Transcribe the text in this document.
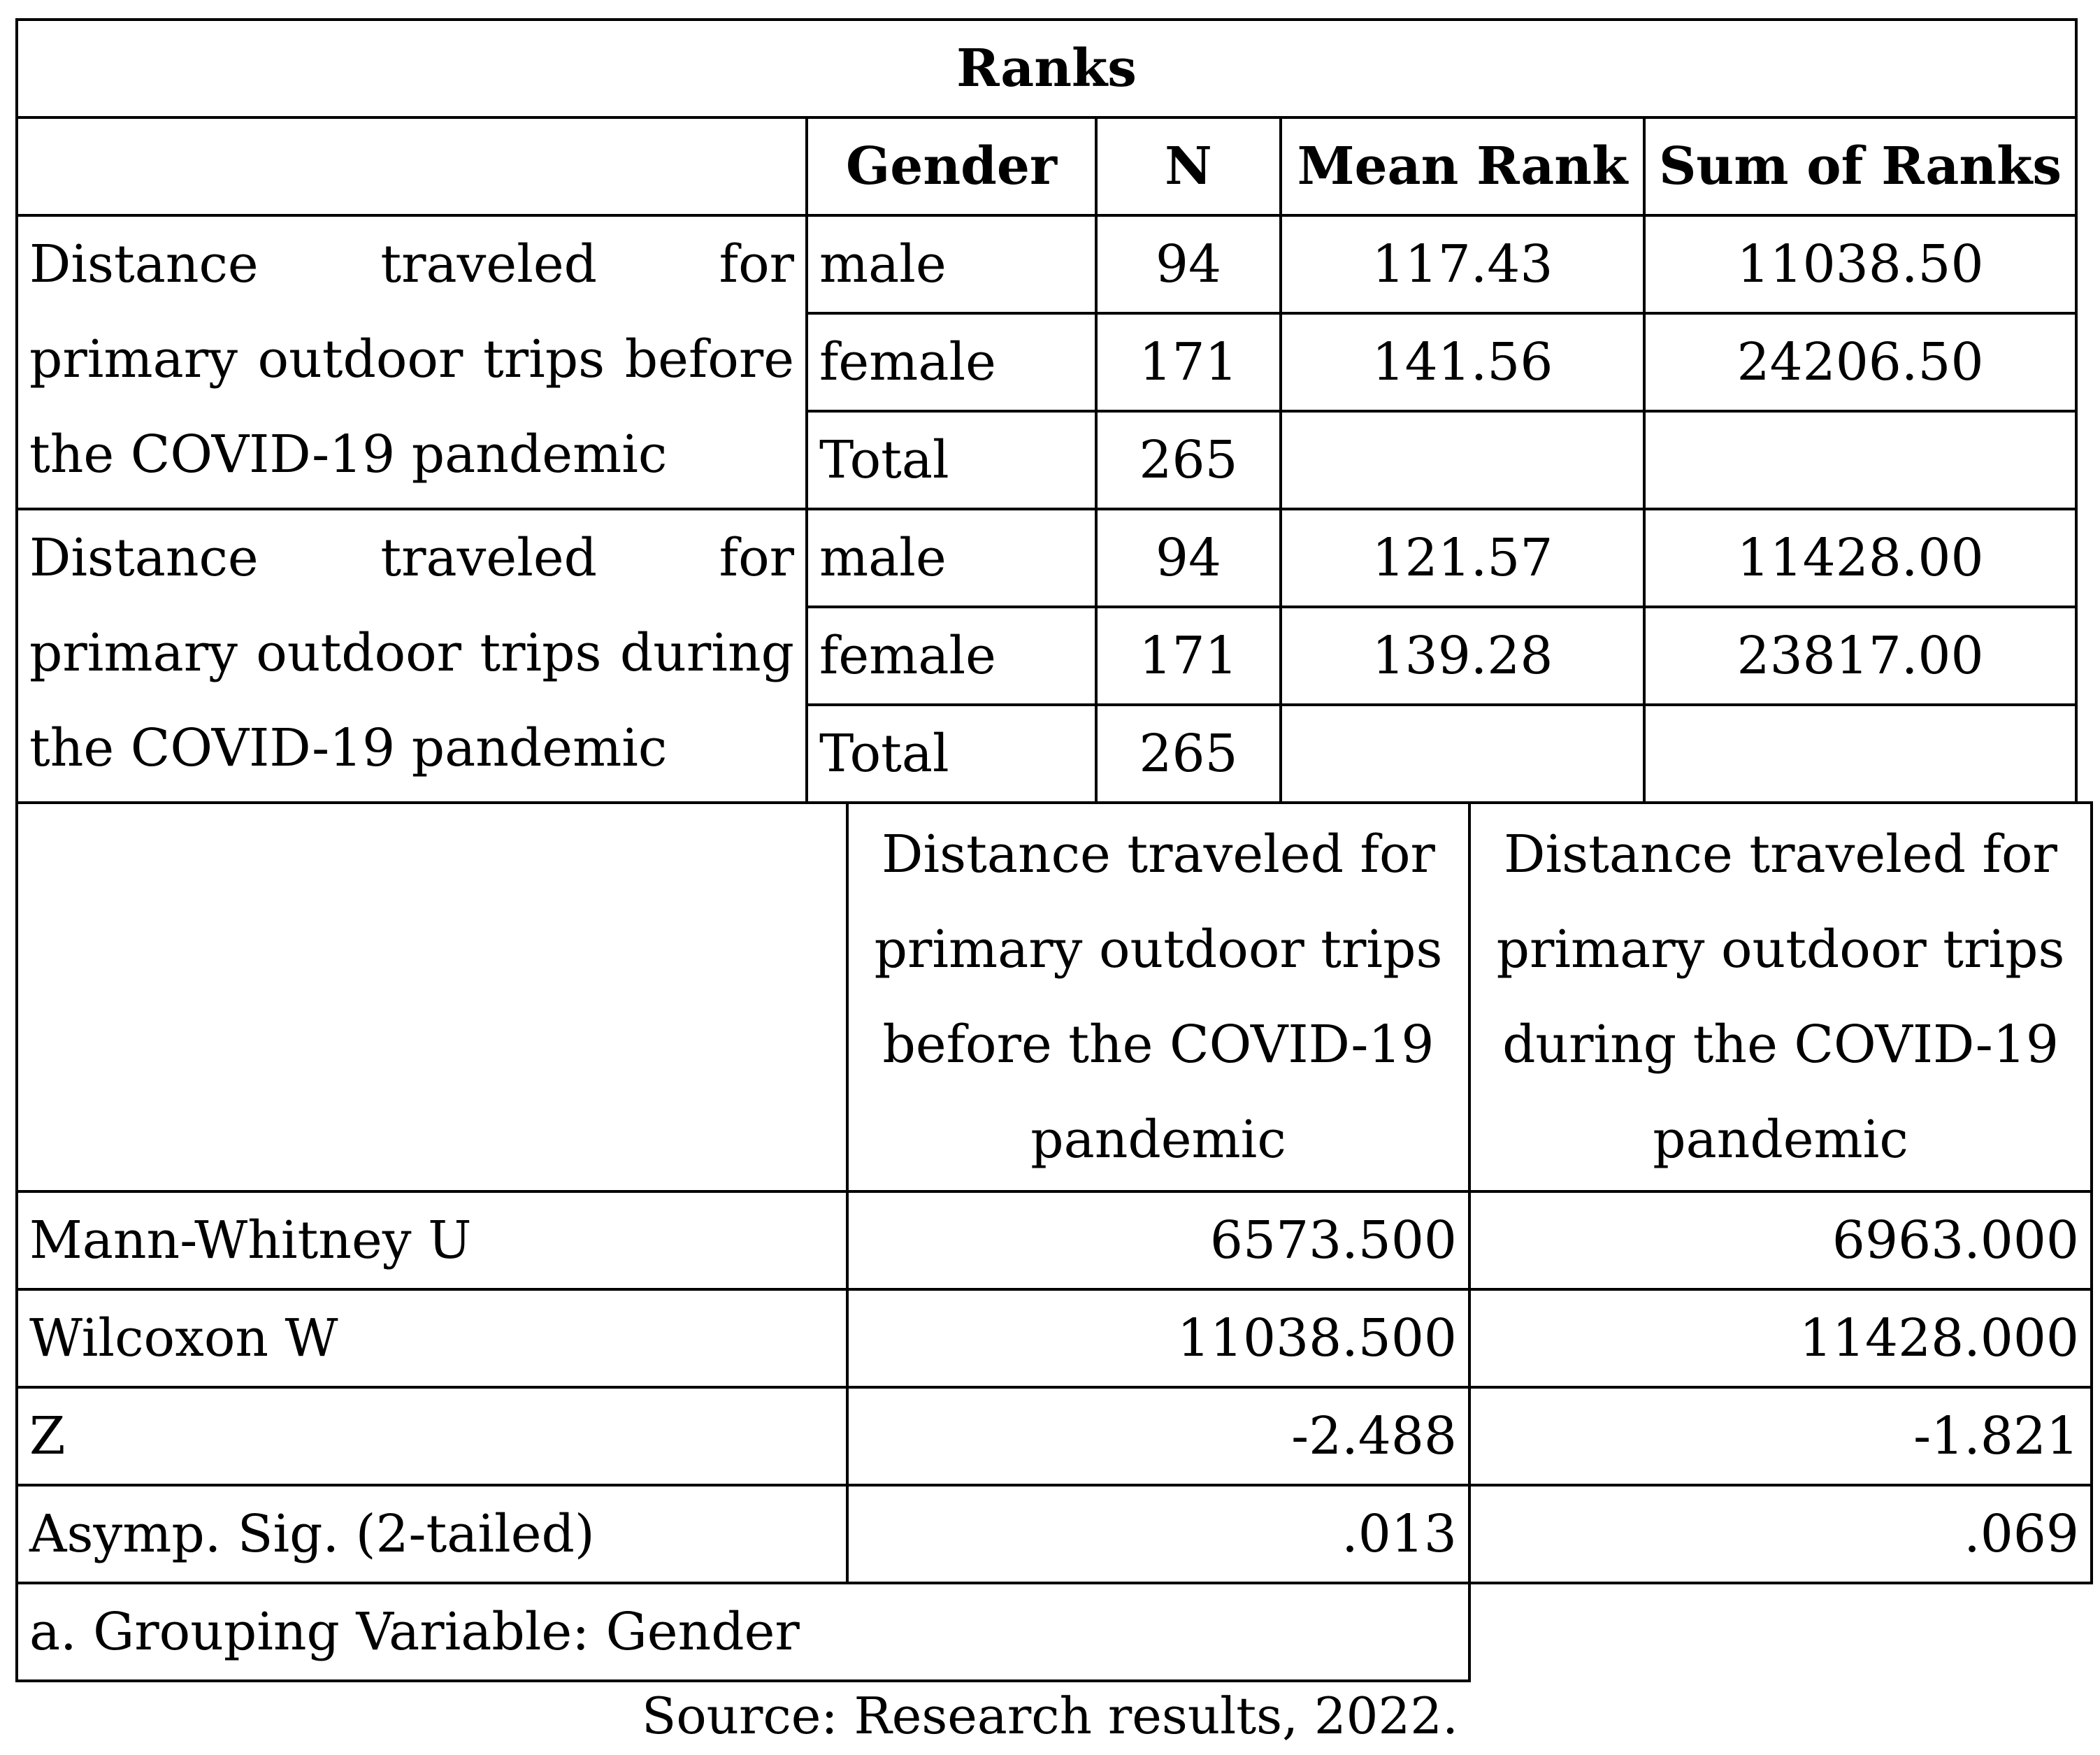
Ranks				
	Gender	N	Mean Rank	Sum of Ranks
Distance traveled for primary outdoor trips before the COVID-19 pandemic	male	94	117.43	11038.50
	female	171	141.56	24206.50
	Total	265		
Distance traveled for primary outdoor trips during the COVID-19 pandemic	male	94	121.57	11428.00
	female	171	139.28	23817.00
	Total	265		
	Distance traveled for primary outdoor trips before the COVID-19 pandemic	Distance traveled for primary outdoor trips during the COVID-19 pandemic
Mann-Whitney U	6573.500	6963.000
Wilcoxon W	11038.500	11428.000
Z	-2.488	-1.821
Asymp. Sig. (2-tailed)	.013	.069
a. Grouping Variable: Gender		
Source: Research results, 2022.
